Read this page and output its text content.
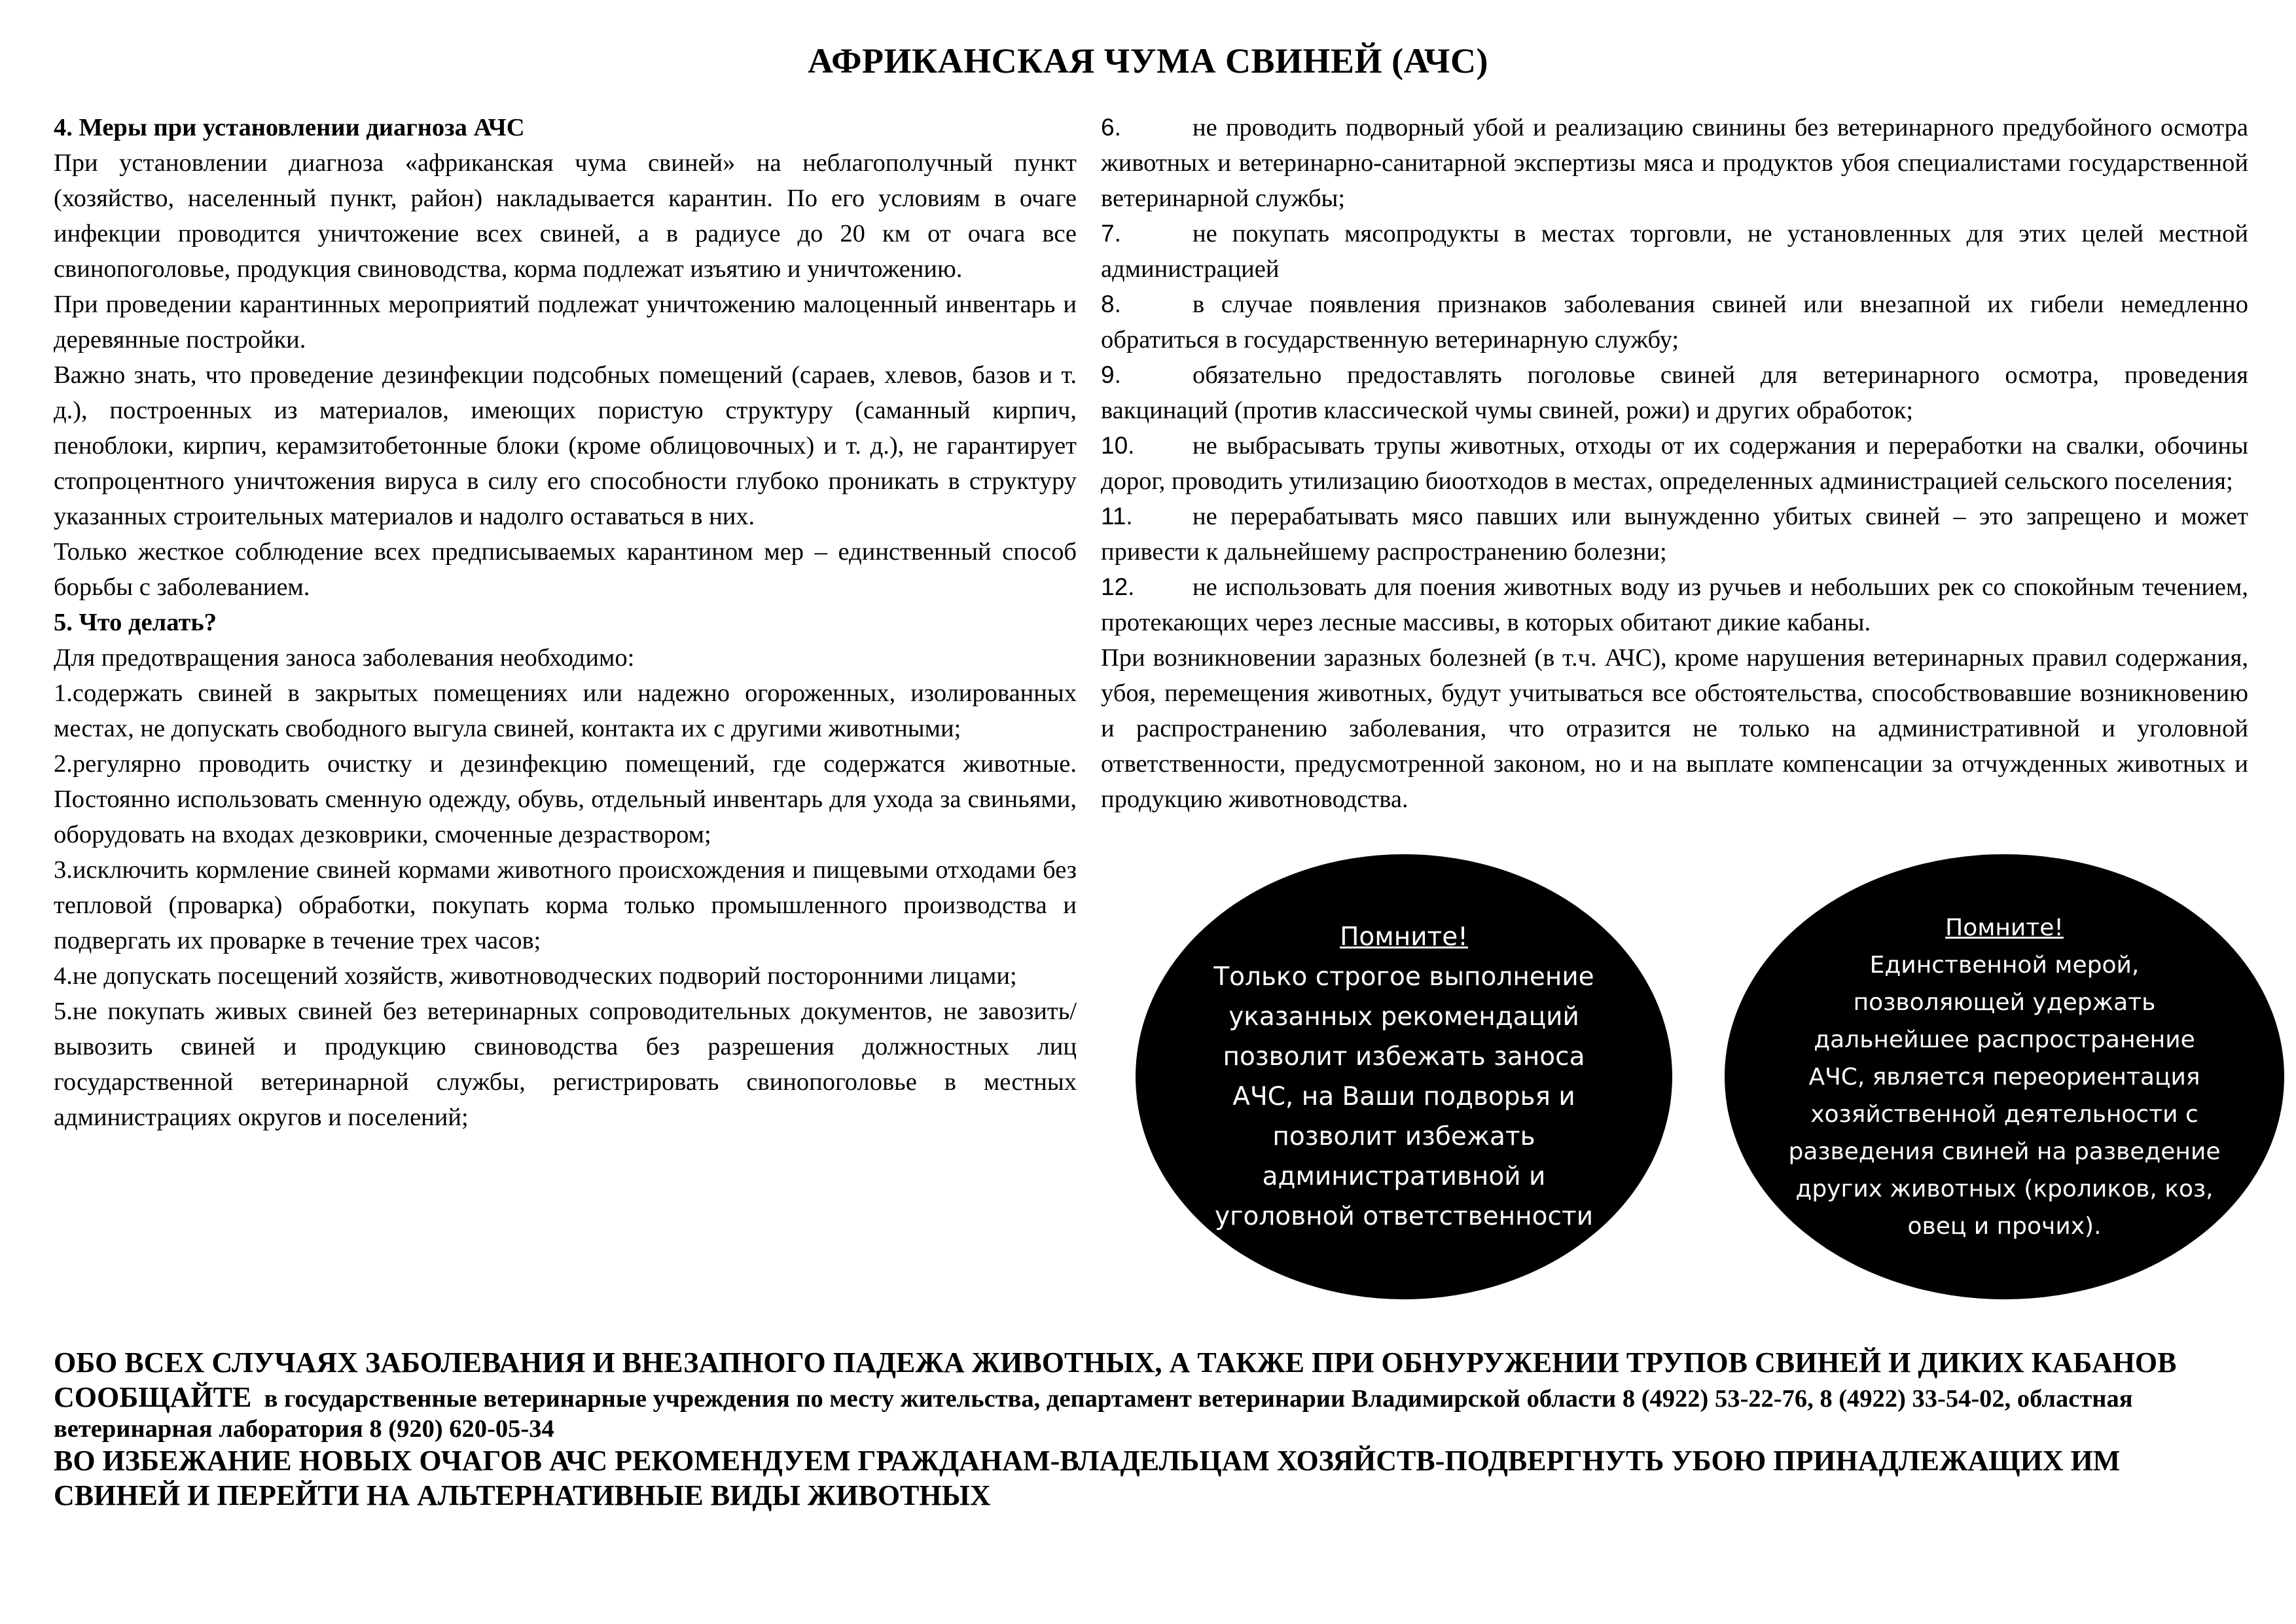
АФРИКАНСКАЯ ЧУМА СВИНЕЙ (АЧС)
4. Меры при установлении диагноза АЧС

При установлении диагноза «африканская чума свиней» на неблагополучный пункт (хозяйство, населенный пункт, район) накладывается карантин. По его условиям в очаге инфекции проводится уничтожение всех свиней, а в радиусе до 20 км от очага все свинопоголовье, продукция свиноводства, корма подлежат изъятию и уничтожению.

При проведении карантинных мероприятий подлежат уничтожению малоценный инвентарь и деревянные постройки.

Важно знать, что проведение дезинфекции подсобных помещений (сараев, хлевов, базов и т. д.), построенных из материалов, имеющих пористую структуру (саманный кирпич, пеноблоки, кирпич, керамзитобетонные блоки (кроме облицовочных) и т. д.), не гарантирует стопроцентного уничтожения вируса в силу его способности глубоко проникать в структуру указанных строительных материалов и надолго оставаться в них.

Только жесткое соблюдение всех предписываемых карантином мер – единственный способ борьбы с заболеванием.

5. Что делать?

Для предотвращения заноса заболевания необходимо:

1.содержать свиней в закрытых помещениях или надежно огороженных, изолированных местах, не допускать свободного выгула свиней, контакта их с другими животными;

2.регулярно проводить очистку и дезинфекцию помещений, где содержатся животные. Постоянно использовать сменную одежду, обувь, отдельный инвентарь для ухода за свиньями, оборудовать на входах дезковрики, смоченные дезраствором;

3.исключить кормление свиней кормами животного происхождения и пищевыми отходами без тепловой (проварка) обработки, покупать корма только промышленного производства и подвергать их проварке в течение трех часов;

4.не допускать посещений хозяйств, животноводческих подворий посторонними лицами;

5.не покупать живых свиней без ветеринарных сопроводительных документов, не завозить/вывозить свиней и продукцию свиноводства без разрешения должностных лиц государственной ветеринарной службы, регистрировать свинопоголовье в местных администрациях округов и поселений;

6.	не проводить подворный убой и реализацию свинины без ветеринарного предубойного осмотра животных и ветеринарно-санитарной экспертизы мяса и продуктов убоя специалистами государственной ветеринарной службы;

7.	не покупать мясопродукты в местах торговли, не установленных для этих целей местной администрацией

8.	в случае появления признаков заболевания свиней или внезапной их гибели немедленно обратиться в государственную ветеринарную службу;

9.	обязательно предоставлять поголовье свиней для ветеринарного осмотра, проведения вакцинаций (против классической чумы свиней, рожи) и других обработок;

10. не выбрасывать трупы животных, отходы от их содержания и переработки на свалки, обочины дорог, проводить утилизацию биоотходов в местах, определенных администрацией сельского поселения;

11. не перерабатывать мясо павших или вынужденно убитых свиней – это запрещено и может привести к дальнейшему распространению болезни;

12. не использовать для поения животных воду из ручьев и небольших рек со спокойным течением, протекающих через лесные массивы, в которых обитают дикие кабаны.

При возникновении заразных болезней (в т.ч. АЧС), кроме нарушения ветеринарных правил содержания, убоя, перемещения животных, будут учитываться все обстоятельства, способствовавшие возникновению и распространению заболевания, что отразится не только на административной и уголовной ответственности, предусмотренной законом, но и на выплате компенсации за отчужденных животных и продукцию животноводства.

Помните!
Только строгое выполнение указанных рекомендаций позволит избежать заноса АЧС, на Ваши подворья и позволит избежать административной и уголовной ответственности
Помните!
Единственной мерой, позволяющей удержать дальнейшее распространение АЧС, является переориентация хозяйственной деятельности с разведения свиней на разведение других животных (кроликов, коз, овец и прочих).
ОБО ВСЕХ СЛУЧАЯХ ЗАБОЛЕВАНИЯ И ВНЕЗАПНОГО ПАДЕЖА ЖИВОТНЫХ, А ТАКЖЕ ПРИ ОБНУРУЖЕНИИ ТРУПОВ СВИНЕЙ И ДИКИХ КАБАНОВ
СООБЩАЙТЕ в государственные ветеринарные учреждения по месту жительства, департамент ветеринарии Владимирской области 8 (4922) 53-22-76, 8 (4922) 33-54-02, областная ветеринарная лаборатория 8 (920) 620-05-34
ВО ИЗБЕЖАНИЕ НОВЫХ ОЧАГОВ АЧС РЕКОМЕНДУЕМ ГРАЖДАНАМ-ВЛАДЕЛЬЦАМ ХОЗЯЙСТВ-ПОДВЕРГНУТЬ УБОЮ ПРИНАДЛЕЖАЩИХ ИМ СВИНЕЙ И ПЕРЕЙТИ НА АЛЬТЕРНАТИВНЫЕ ВИДЫ ЖИВОТНЫХ
